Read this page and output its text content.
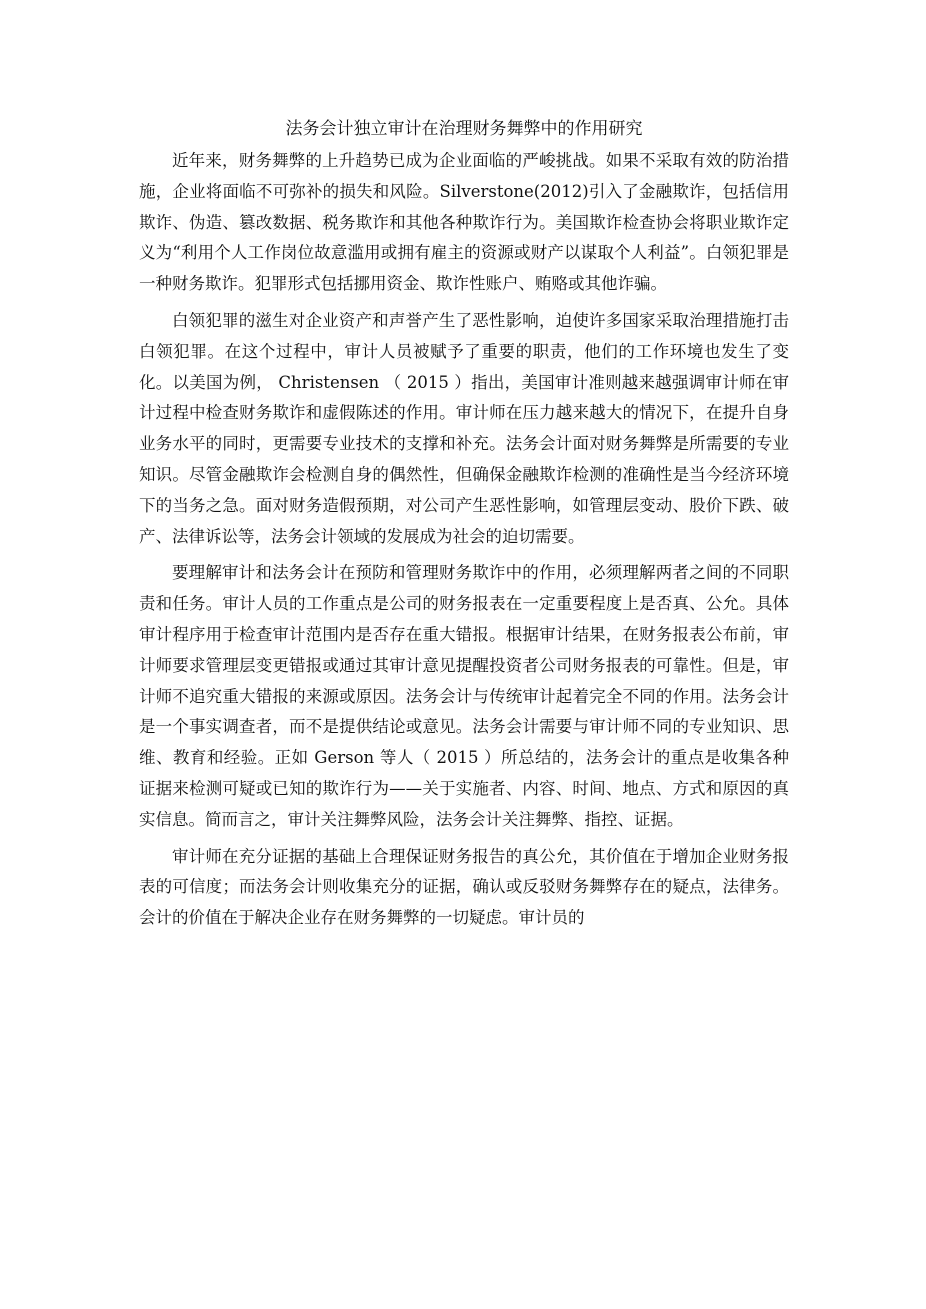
法务会计独立审计在治理财务舞弊中的作用研究

近年来，财务舞弊的上升趋势已成为企业面临的严峻挑战。如果不采取有效的防治措施，企业将面临不可弥补的损失和风险。Silverstone(2012)引入了金融欺诈，包括信用欺诈、伪造、篡改数据、税务欺诈和其他各种欺诈行为。美国欺诈检查协会将职业欺诈定义为“利用个人工作岗位故意滥用或拥有雇主的资源或财产以谋取个人利益”。白领犯罪是一种财务欺诈。犯罪形式包括挪用资金、欺诈性账户、贿赂或其他诈骗。

白领犯罪的滋生对企业资产和声誉产生了恶性影响，迫使许多国家采取治理措施打击白领犯罪。在这个过程中，审计人员被赋予了重要的职责，他们的工作环境也发生了变化。以美国为例， Christensen （ 2015 ）指出，美国审计准则越来越强调审计师在审计过程中检查财务欺诈和虚假陈述的作用。审计师在压力越来越大的情况下，在提升自身业务水平的同时，更需要专业技术的支撑和补充。法务会计面对财务舞弊是所需要的专业知识。尽管金融欺诈会检测自身的偶然性，但确保金融欺诈检测的准确性是当今经济环境下的当务之急。面对财务造假预期，对公司产生恶性影响，如管理层变动、股价下跌、破产、法律诉讼等，法务会计领域的发展成为社会的迫切需要。

要理解审计和法务会计在预防和管理财务欺诈中的作用，必须理解两者之间的不同职责和任务。审计人员的工作重点是公司的财务报表在一定重要程度上是否真、公允。具体审计程序用于检查审计范围内是否存在重大错报。根据审计结果，在财务报表公布前，审计师要求管理层变更错报或通过其审计意见提醒投资者公司财务报表的可靠性。但是，审计师不追究重大错报的来源或原因。法务会计与传统审计起着完全不同的作用。法务会计是一个事实调查者，而不是提供结论或意见。法务会计需要与审计师不同的专业知识、思维、教育和经验。正如 Gerson 等人（ 2015 ）所总结的，法务会计的重点是收集各种证据来检测可疑或已知的欺诈行为——关于实施者、内容、时间、地点、方式和原因的真实信息。简而言之，审计关注舞弊风险，法务会计关注舞弊、指控、证据。

审计师在充分证据的基础上合理保证财务报告的真公允，其价值在于增加企业财务报表的可信度；而法务会计则收集充分的证据，确认或反驳财务舞弊存在的疑点，法律务。会计的价值在于解决企业存在财务舞弊的一切疑虑。审计员的
